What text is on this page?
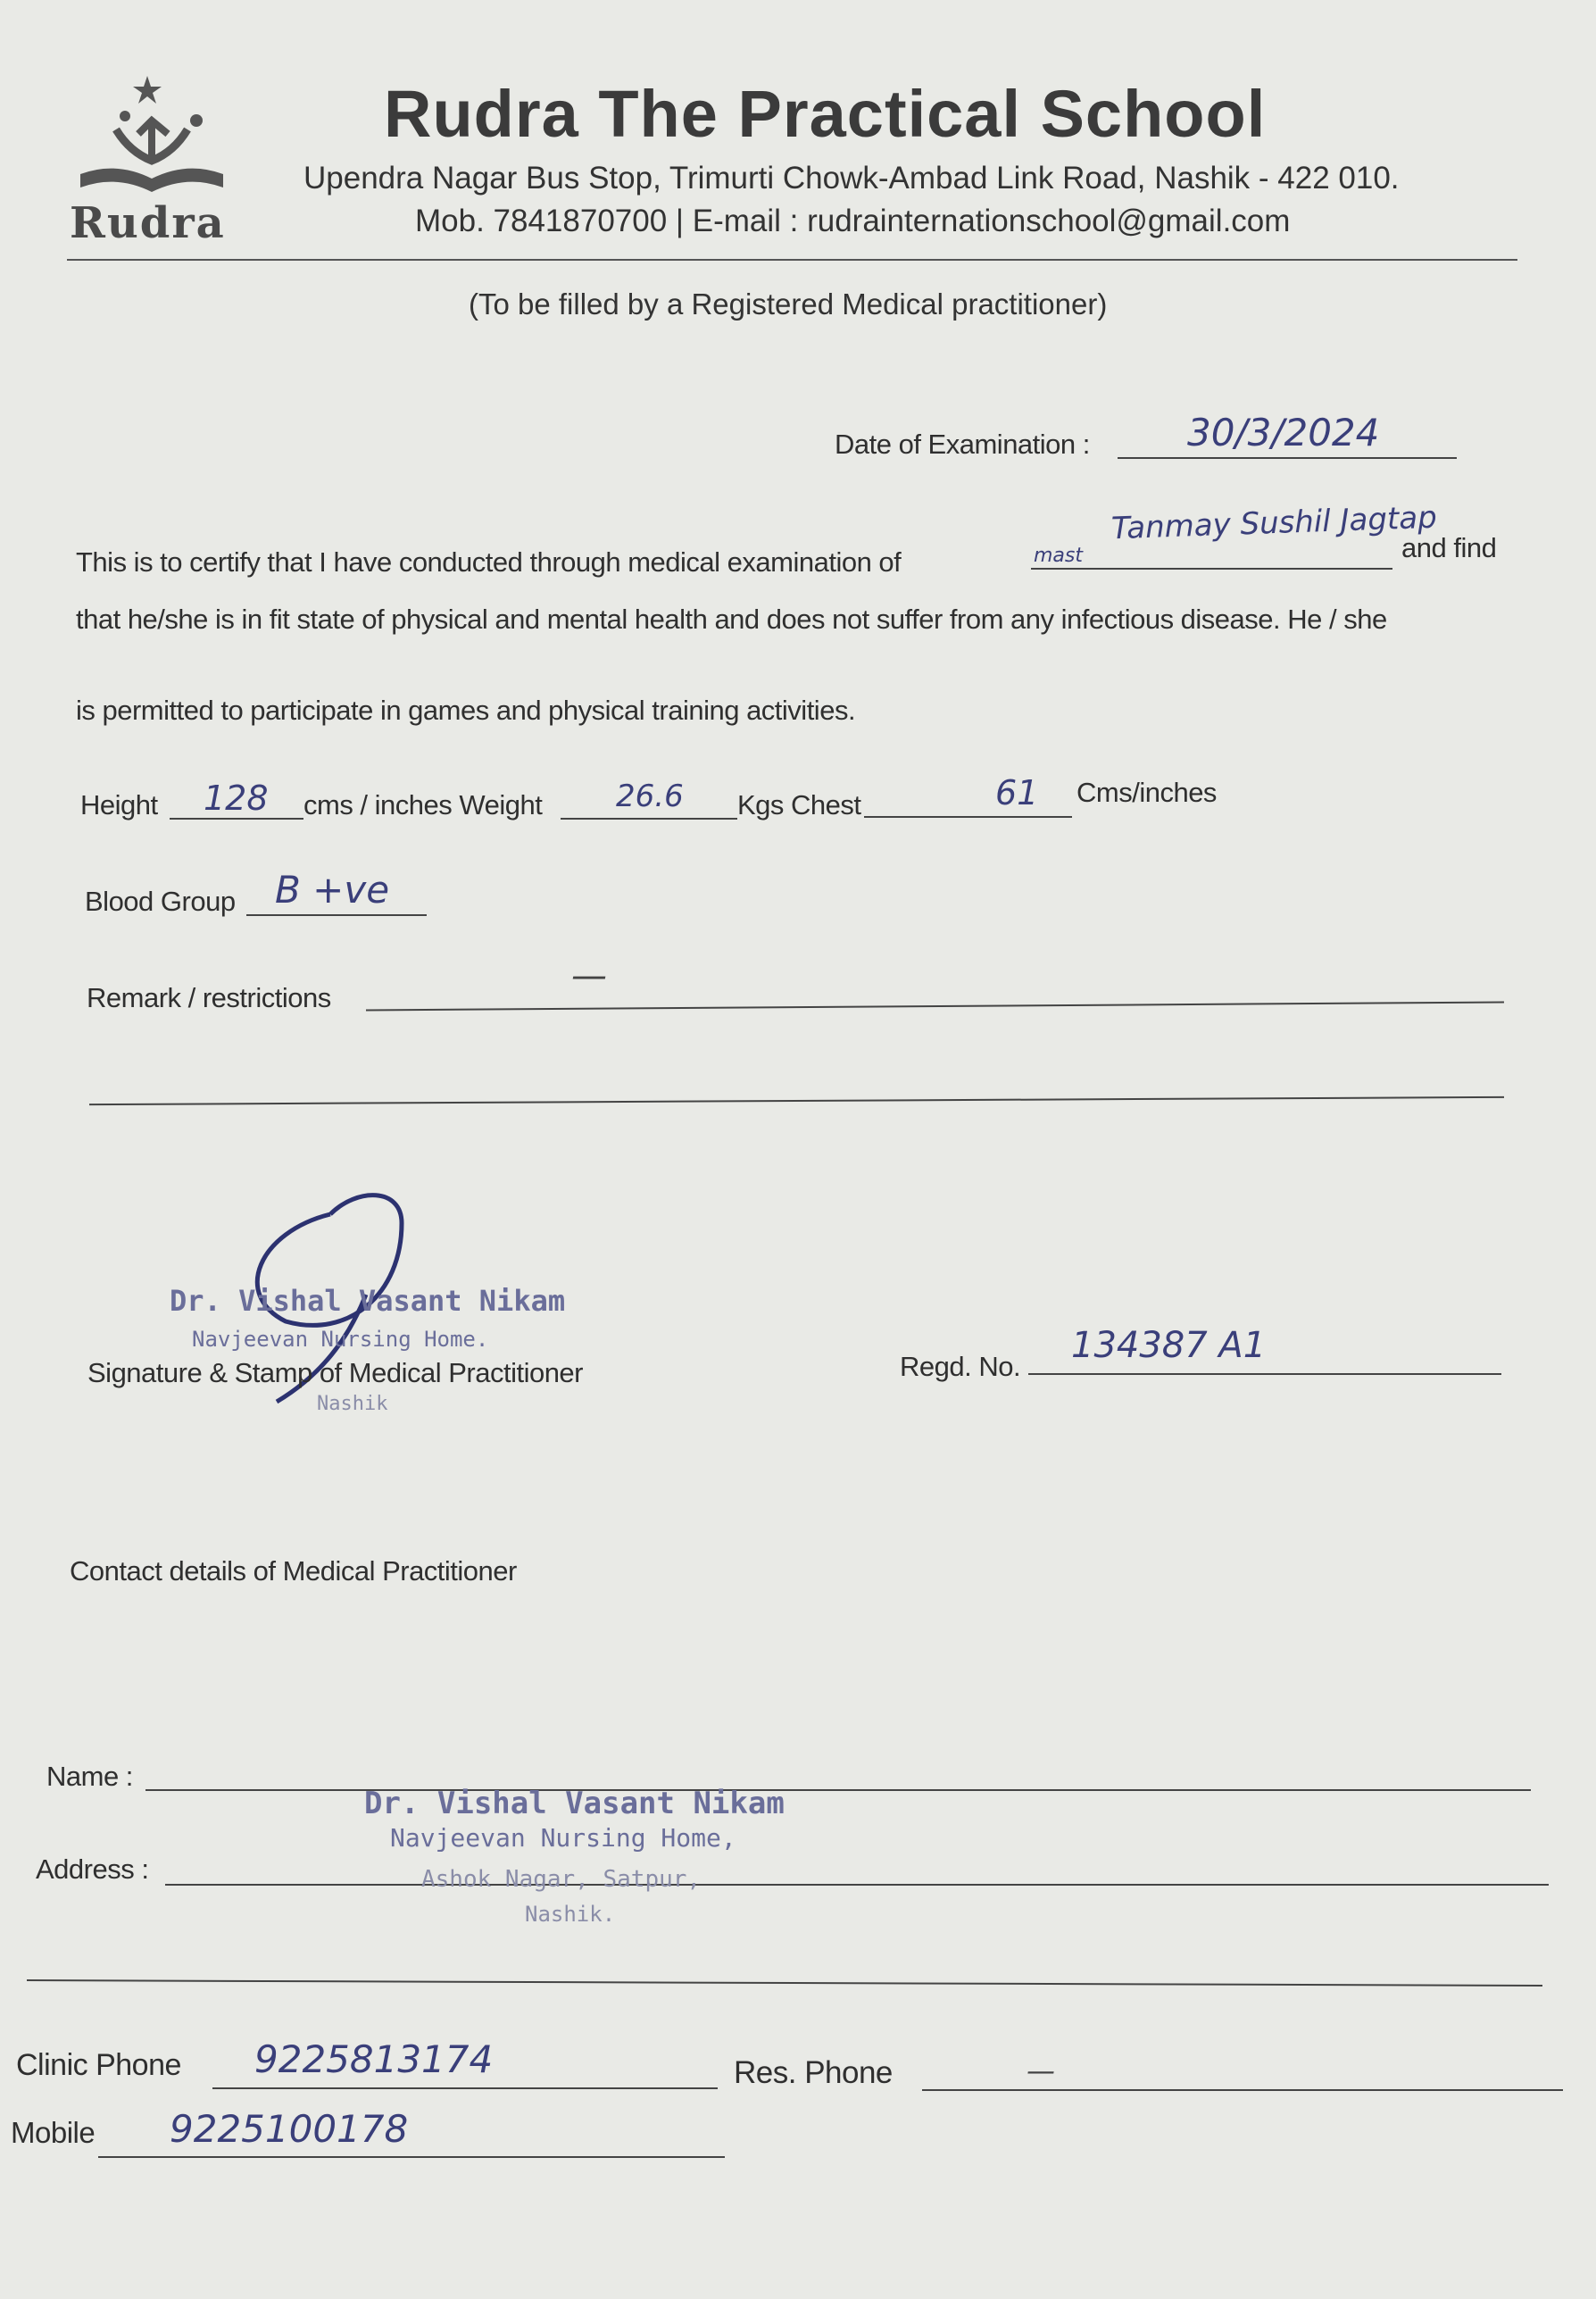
Rudra
Rudra The Practical School
Upendra Nagar Bus Stop, Trimurti Chowk-Ambad Link Road, Nashik - 422 010.
Mob. 7841870700 | E-mail : rudrainternationschool@gmail.com
(To be filled by a Registered Medical practitioner)
Date of Examination :	30/3/2024
This is to certify that I have conducted through medical examination of	mast
Tanmay Sushil Jagtap
and find
that he/she is in fit state of physical and mental health and does not suffer from any infectious disease. He / she
is permitted to participate in games and physical training activities.
Height 128 cms / inches Weight 26.6 Kgs Chest	61 Cms/inches
Blood Group B +ve
Remark / restrictions
—
Dr. Vishal Vasant Nikam
Navjeevan Nursing Home.
Nashik
Signature & Stamp of Medical Practitioner	Regd. No.
134387 A1
Contact details of Medical Practitioner
Name :
Dr. Vishal Vasant Nikam
Address :
Navjeevan Nursing Home,
Ashok Nagar, Satpur,
Nashik.
Clinic Phone 9225813174	Res. Phone	—
Mobile 9225100178
